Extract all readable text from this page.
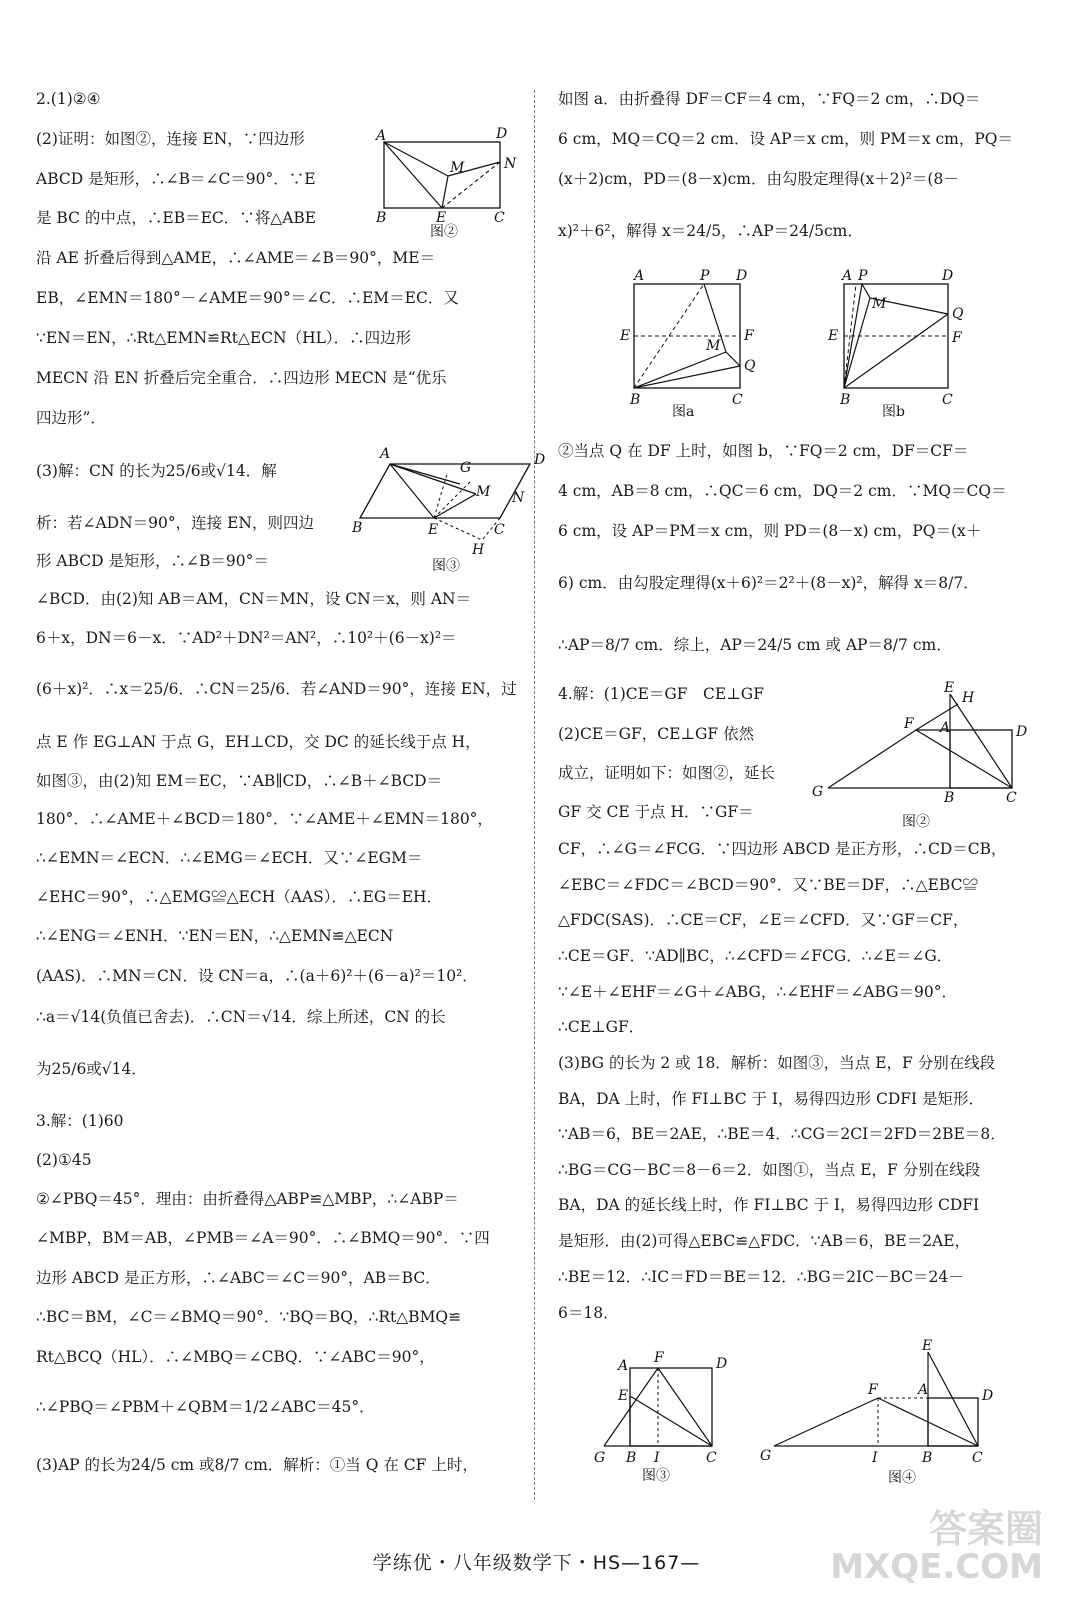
2.(1)②④
(2)证明：如图②，连接 EN，∵四边形
ABCD 是矩形，∴∠B＝∠C＝90°．∵E
是 BC 的中点，∴EB＝EC．∵将△ABE
沿 AE 折叠后得到△AME，∴∠AME＝∠B＝90°，ME＝
EB，∠EMN＝180°－∠AME＝90°＝∠C．∴EM＝EC．又
∵EN＝EN，∴Rt△EMN≌Rt△ECN（HL）．∴四边形
MECN 沿 EN 折叠后完全重合．∴四边形 MECN 是“优乐
四边形”．
(3)解：CN 的长为25/6或√14．解
析：若∠ADN＝90°，连接 EN，则四边
形 ABCD 是矩形，∴∠B＝90°＝
∠BCD．由(2)知 AB＝AM，CN＝MN，设 CN＝x，则 AN＝
6＋x，DN＝6－x．∵AD²＋DN²＝AN²，∴10²＋(6－x)²＝
(6＋x)²．∴x＝25/6．∴CN＝25/6．若∠AND＝90°，连接 EN，过
点 E 作 EG⊥AN 于点 G，EH⊥CD，交 DC 的延长线于点 H，
如图③，由(2)知 EM＝EC，∵AB∥CD，∴∠B＋∠BCD＝
180°．∴∠AME＋∠BCD＝180°．∵∠AME＋∠EMN＝180°，
∴∠EMN＝∠ECN．∴∠EMG＝∠ECH．又∵∠EGM＝
∠EHC＝90°，∴△EMG≌△ECH（AAS）．∴EG＝EH．
∴∠ENG＝∠ENH．∵EN＝EN，∴△EMN≌△ECN
(AAS)．∴MN＝CN．设 CN＝a，∴(a＋6)²＋(6－a)²＝10²．
∴a＝√14(负值已舍去)．∴CN＝√14．综上所述，CN 的长
为25/6或√14．
3.解：(1)60
(2)①45
②∠PBQ＝45°．理由：由折叠得△ABP≌△MBP，∴∠ABP＝
∠MBP，BM＝AB，∠PMB＝∠A＝90°．∴∠BMQ＝90°．∵四
边形 ABCD 是正方形，∴∠ABC＝∠C＝90°，AB＝BC．
∴BC＝BM，∠C＝∠BMQ＝90°．∵BQ＝BQ，∴Rt△BMQ≌
Rt△BCQ（HL）．∴∠MBQ＝∠CBQ．∵∠ABC＝90°，
∴∠PBQ＝∠PBM＋∠QBM＝1/2∠ABC＝45°．
(3)AP 的长为24/5 cm 或8/7 cm．解析：①当 Q 在 CF 上时，
A	D
N
M
B	E	C
图②
A	D
G
M N
B	E	C
H
图③
如图 a．由折叠得 DF＝CF＝4 cm，∵FQ＝2 cm，∴DQ＝
6 cm，MQ＝CQ＝2 cm．设 AP＝x cm，则 PM＝x cm，PQ＝
(x＋2)cm，PD＝(8－x)cm．由勾股定理得(x＋2)²＝(8－
x)²＋6²，解得 x＝24/5，∴AP＝24/5cm．
②当点 Q 在 DF 上时，如图 b，∵FQ＝2 cm，DF＝CF＝
4 cm，AB＝8 cm，∴QC＝6 cm，DQ＝2 cm．∵MQ＝CQ＝
6 cm，设 AP＝PM＝x cm，则 PD＝(8－x) cm，PQ＝(x＋
6) cm．由勾股定理得(x＋6)²＝2²＋(8－x)²，解得 x＝8/7．
∴AP＝8/7 cm．综上，AP＝24/5 cm 或 AP＝8/7 cm．
4.解：(1)CE＝GF　CE⊥GF
(2)CE＝GF，CE⊥GF 依然
成立，证明如下：如图②，延长
GF 交 CE 于点 H．∵GF＝
CF，∴∠G＝∠FCG．∵四边形 ABCD 是正方形，∴CD＝CB，
∠EBC＝∠FDC＝∠BCD＝90°．又∵BE＝DF，∴△EBC≌
△FDC(SAS)．∴CE＝CF，∠E＝∠CFD．又∵GF＝CF，
∴CE＝GF．∵AD∥BC，∴∠CFD＝∠FCG．∴∠E＝∠G．
∵∠E＋∠EHF＝∠G＋∠ABG，∴∠EHF＝∠ABG＝90°．
∴CE⊥GF．
(3)BG 的长为 2 或 18．解析：如图③，当点 E，F 分别在线段
BA，DA 上时，作 FI⊥BC 于 I，易得四边形 CDFI 是矩形．
∵AB＝6，BE＝2AE，∴BE＝4．∴CG＝2CI＝2FD＝2BE＝8．
∴BG＝CG－BC＝8－6＝2．如图①，当点 E，F 分别在线段
BA，DA 的延长线上时，作 FI⊥BC 于 I，易得四边形 CDFI
是矩形．由(2)可得△EBC≌△FDC．∵AB＝6，BE＝2AE，
∴BE＝12．∴IC＝FD＝BE＝12．∴BG＝2IC－BC＝24－
6＝18．
A	P D
E	F
M
Q
B	C
图a
A P	D
M
Q
E	F
B	C
图b
E
H
F A	D
G	B	C
图②
A F	D
E
G B I	C
图③
E
F	A	D
G	I	B	C
图④
学练优・八年级数学下・HS—167—
答案圈
MXQE.COM
